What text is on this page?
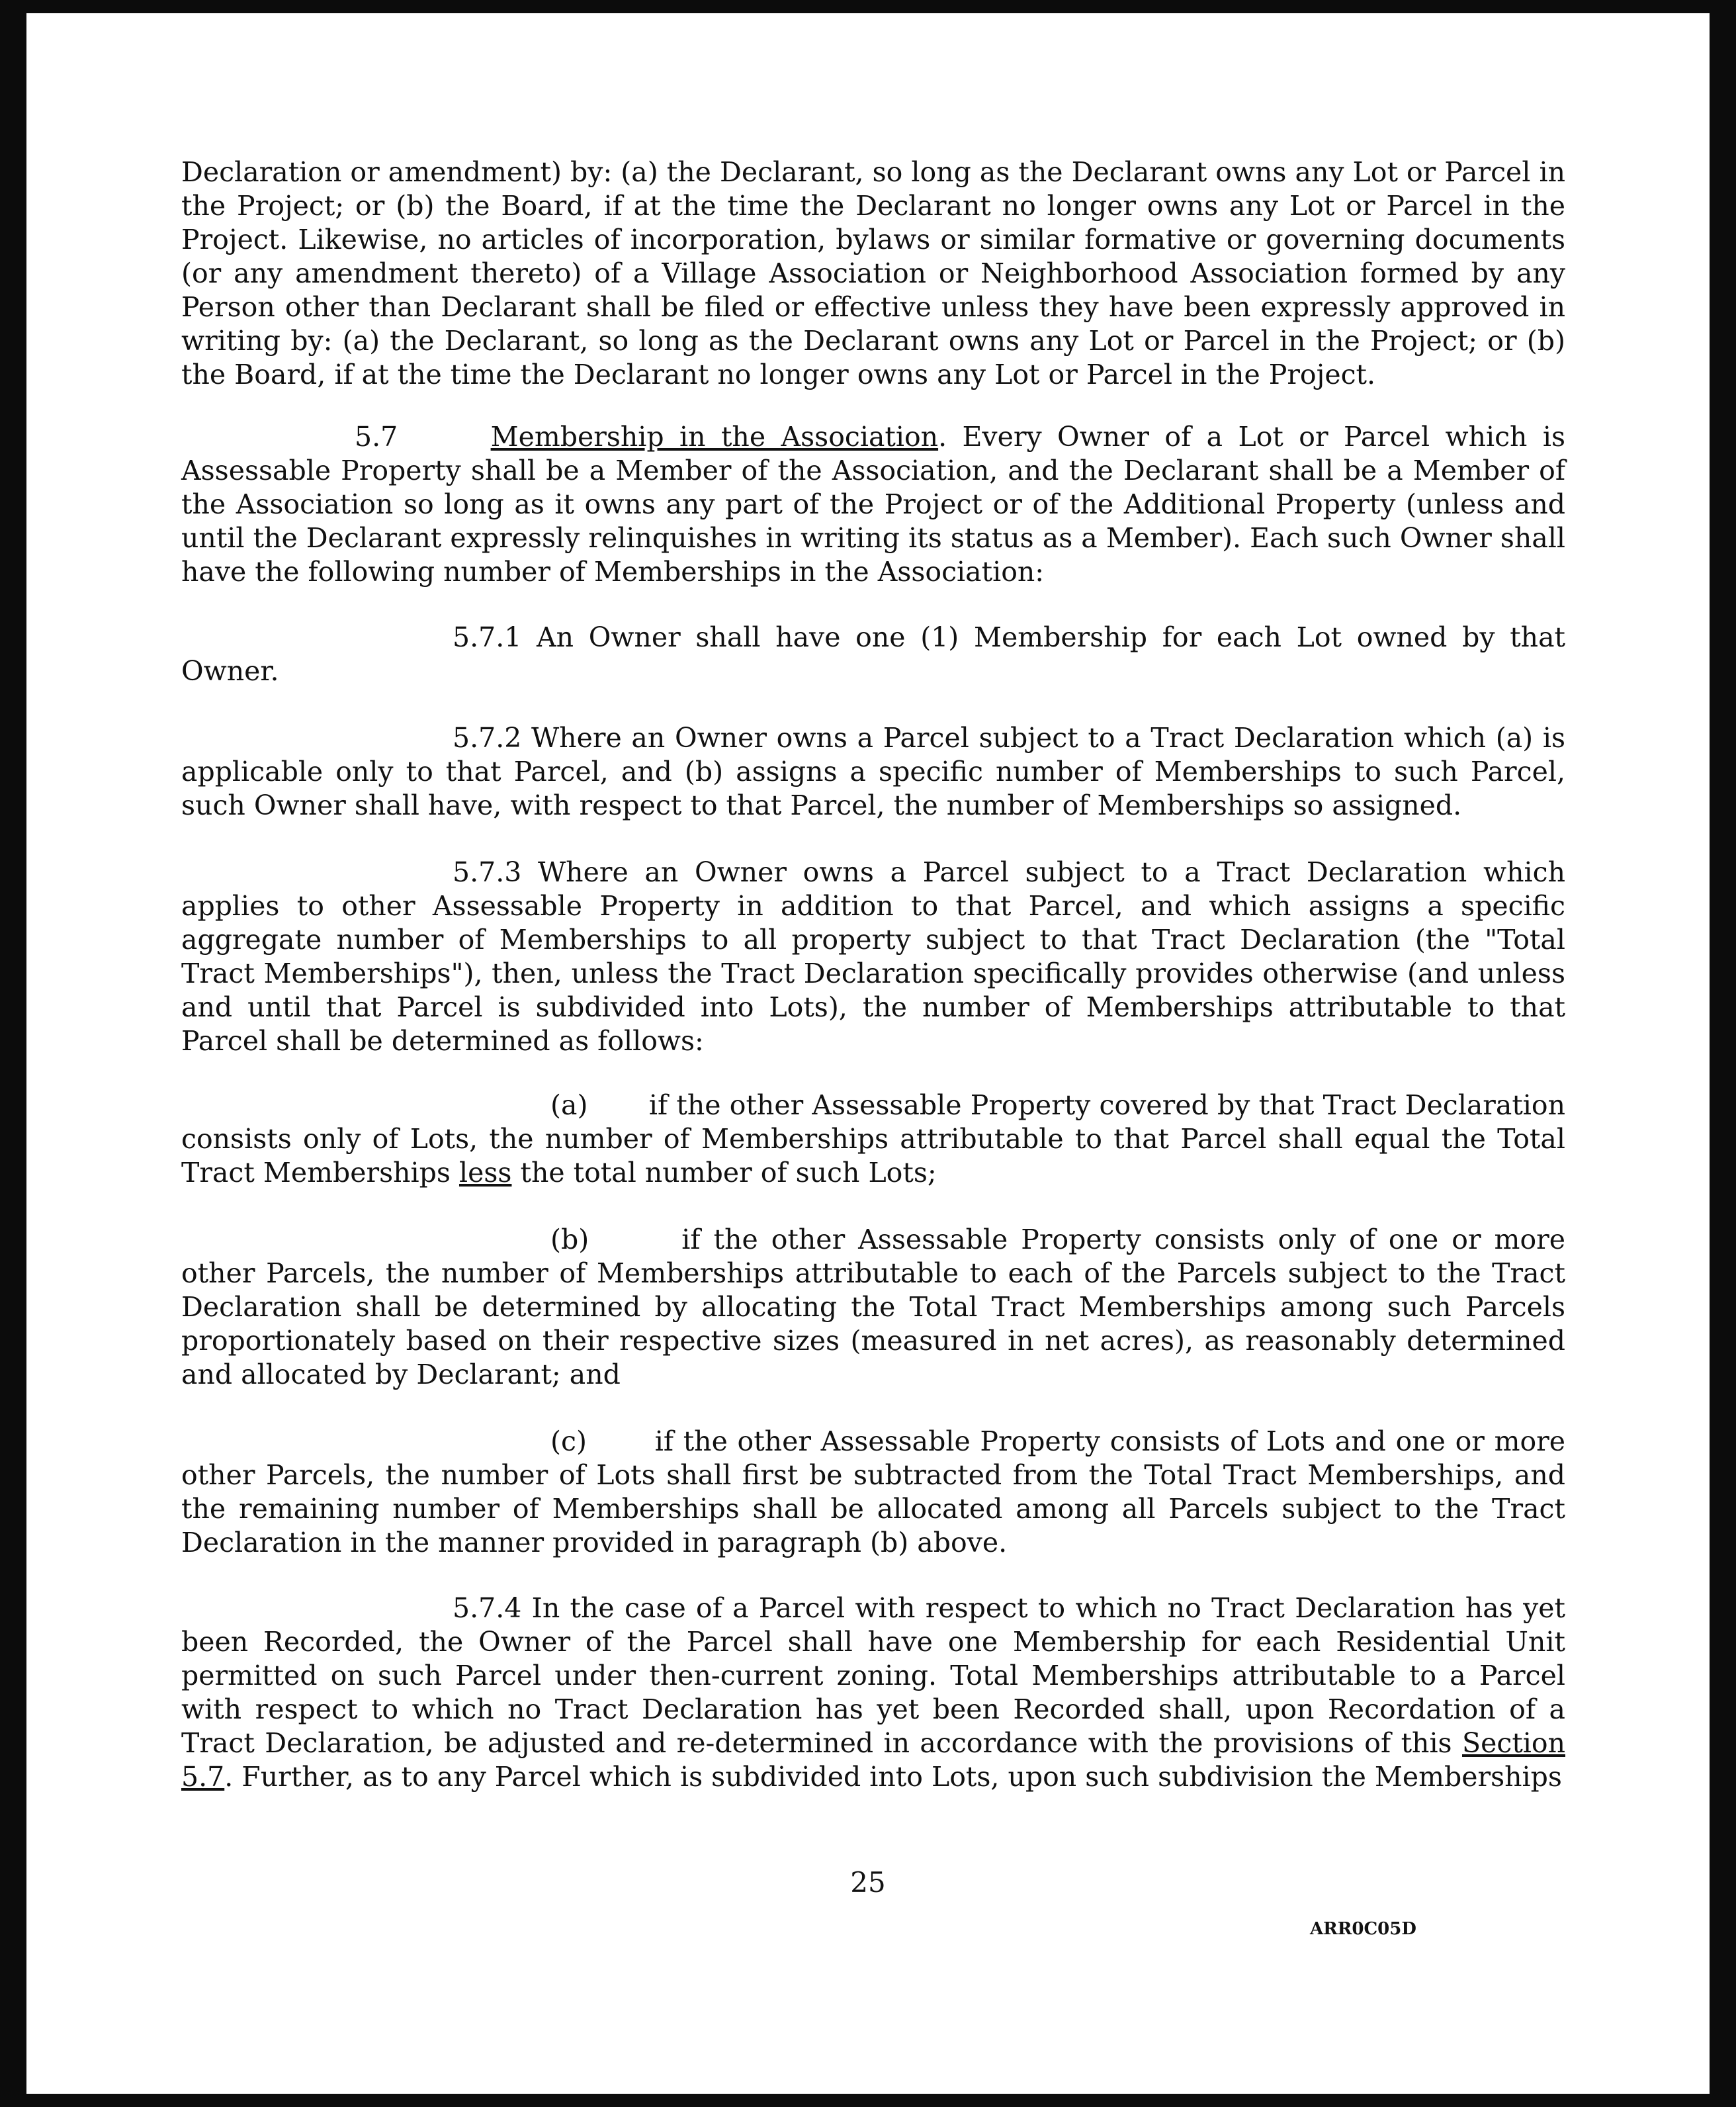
Declaration or amendment) by: (a) the Declarant, so long as the Declarant owns any Lot or Parcel in the Project; or (b) the Board, if at the time the Declarant no longer owns any Lot or Parcel in the Project. Likewise, no articles of incorporation, bylaws or similar formative or governing documents (or any amendment thereto) of a Village Association or Neighborhood Association formed by any Person other than Declarant shall be filed or effective unless they have been expressly approved in writing by: (a) the Declarant, so long as the Declarant owns any Lot or Parcel in the Project; or (b) the Board, if at the time the Declarant no longer owns any Lot or Parcel in the Project.

5.7	Membership in the Association. Every Owner of a Lot or Parcel which is Assessable Property shall be a Member of the Association, and the Declarant shall be a Member of the Association so long as it owns any part of the Project or of the Additional Property (unless and until the Declarant expressly relinquishes in writing its status as a Member). Each such Owner shall have the following number of Memberships in the Association:

5.7.1 An Owner shall have one (1) Membership for each Lot owned by that

Owner.

5.7.2 Where an Owner owns a Parcel subject to a Tract Declaration which (a) is applicable only to that Parcel, and (b) assigns a specific number of Memberships to such Parcel, such Owner shall have, with respect to that Parcel, the number of Memberships so assigned.

5.7.3 Where an Owner owns a Parcel subject to a Tract Declaration which applies to other Assessable Property in addition to that Parcel, and which assigns a specific aggregate number of Memberships to all property subject to that Tract Declaration (the "Total Tract Memberships"), then, unless the Tract Declaration specifically provides otherwise (and unless and until that Parcel is subdivided into Lots), the number of Memberships attributable to that Parcel shall be determined as follows:

(a) if the other Assessable Property covered by that Tract Declaration consists only of Lots, the number of Memberships attributable to that Parcel shall equal the Total Tract Memberships less the total number of such Lots;

(b)	if the other Assessable Property consists only of one or more other Parcels, the number of Memberships attributable to each of the Parcels subject to the Tract Declaration shall be determined by allocating the Total Tract Memberships among such Parcels proportionately based on their respective sizes (measured in net acres), as reasonably determined and allocated by Declarant; and

(c)	if the other Assessable Property consists of Lots and one or more other Parcels, the number of Lots shall first be subtracted from the Total Tract Memberships, and the remaining number of Memberships shall be allocated among all Parcels subject to the Tract Declaration in the manner provided in paragraph (b) above.

5.7.4 In the case of a Parcel with respect to which no Tract Declaration has yet been Recorded, the Owner of the Parcel shall have one Membership for each Residential Unit permitted on such Parcel under then-current zoning. Total Memberships attributable to a Parcel with respect to which no Tract Declaration has yet been Recorded shall, upon Recordation of a Tract Declaration, be adjusted and re-determined in accordance with the provisions of this Section 5.7. Further, as to any Parcel which is subdivided into Lots, upon such subdivision the Memberships

25

ARR0C05D
